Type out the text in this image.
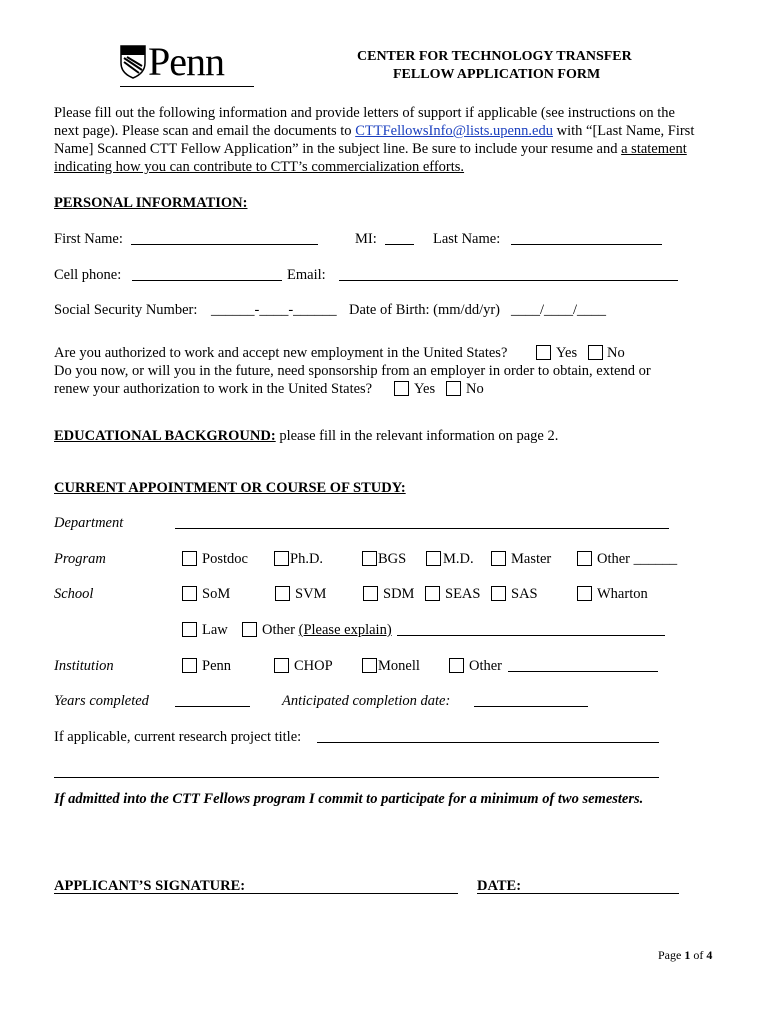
Penn	CENTER FOR TECHNOLOGY TRANSFER
FELLOW APPLICATION FORM
Please fill out the following information and provide letters of support if applicable (see instructions on the
next page). Please scan and email the documents to CTTFellowsInfo@lists.upenn.edu with “[Last Name, First
Name] Scanned CTT Fellow Application” in the subject line. Be sure to include your resume and a statement
indicating how you can contribute to CTT’s commercialization efforts.
PERSONAL INFORMATION:
First Name:	MI:	Last Name:
Cell phone:	Email:
Social Security Number: ______-____-______ Date of Birth: (mm/dd/yr) ____/____/____
Are you authorized to work and accept new employment in the United States?	Yes No
Do you now, or will you in the future, need sponsorship from an employer in order to obtain, extend or
renew your authorization to work in the United States?	Yes No
EDUCATIONAL BACKGROUND: please fill in the relevant information on page 2.
CURRENT APPOINTMENT OR COURSE OF STUDY:
Department
Program	Postdoc	Ph.D.	BGS	M.D.	Master	Other ______
School	SoM	SVM	SDM SEAS SAS	Wharton
Law Other (Please explain)
Institution	Penn	CHOP	Monell	Other
Years completed	Anticipated completion date:
If applicable, current research project title:
If admitted into the CTT Fellows program I commit to participate for a minimum of two semesters.
APPLICANT’S SIGNATURE:	DATE:
Page 1 of 4
